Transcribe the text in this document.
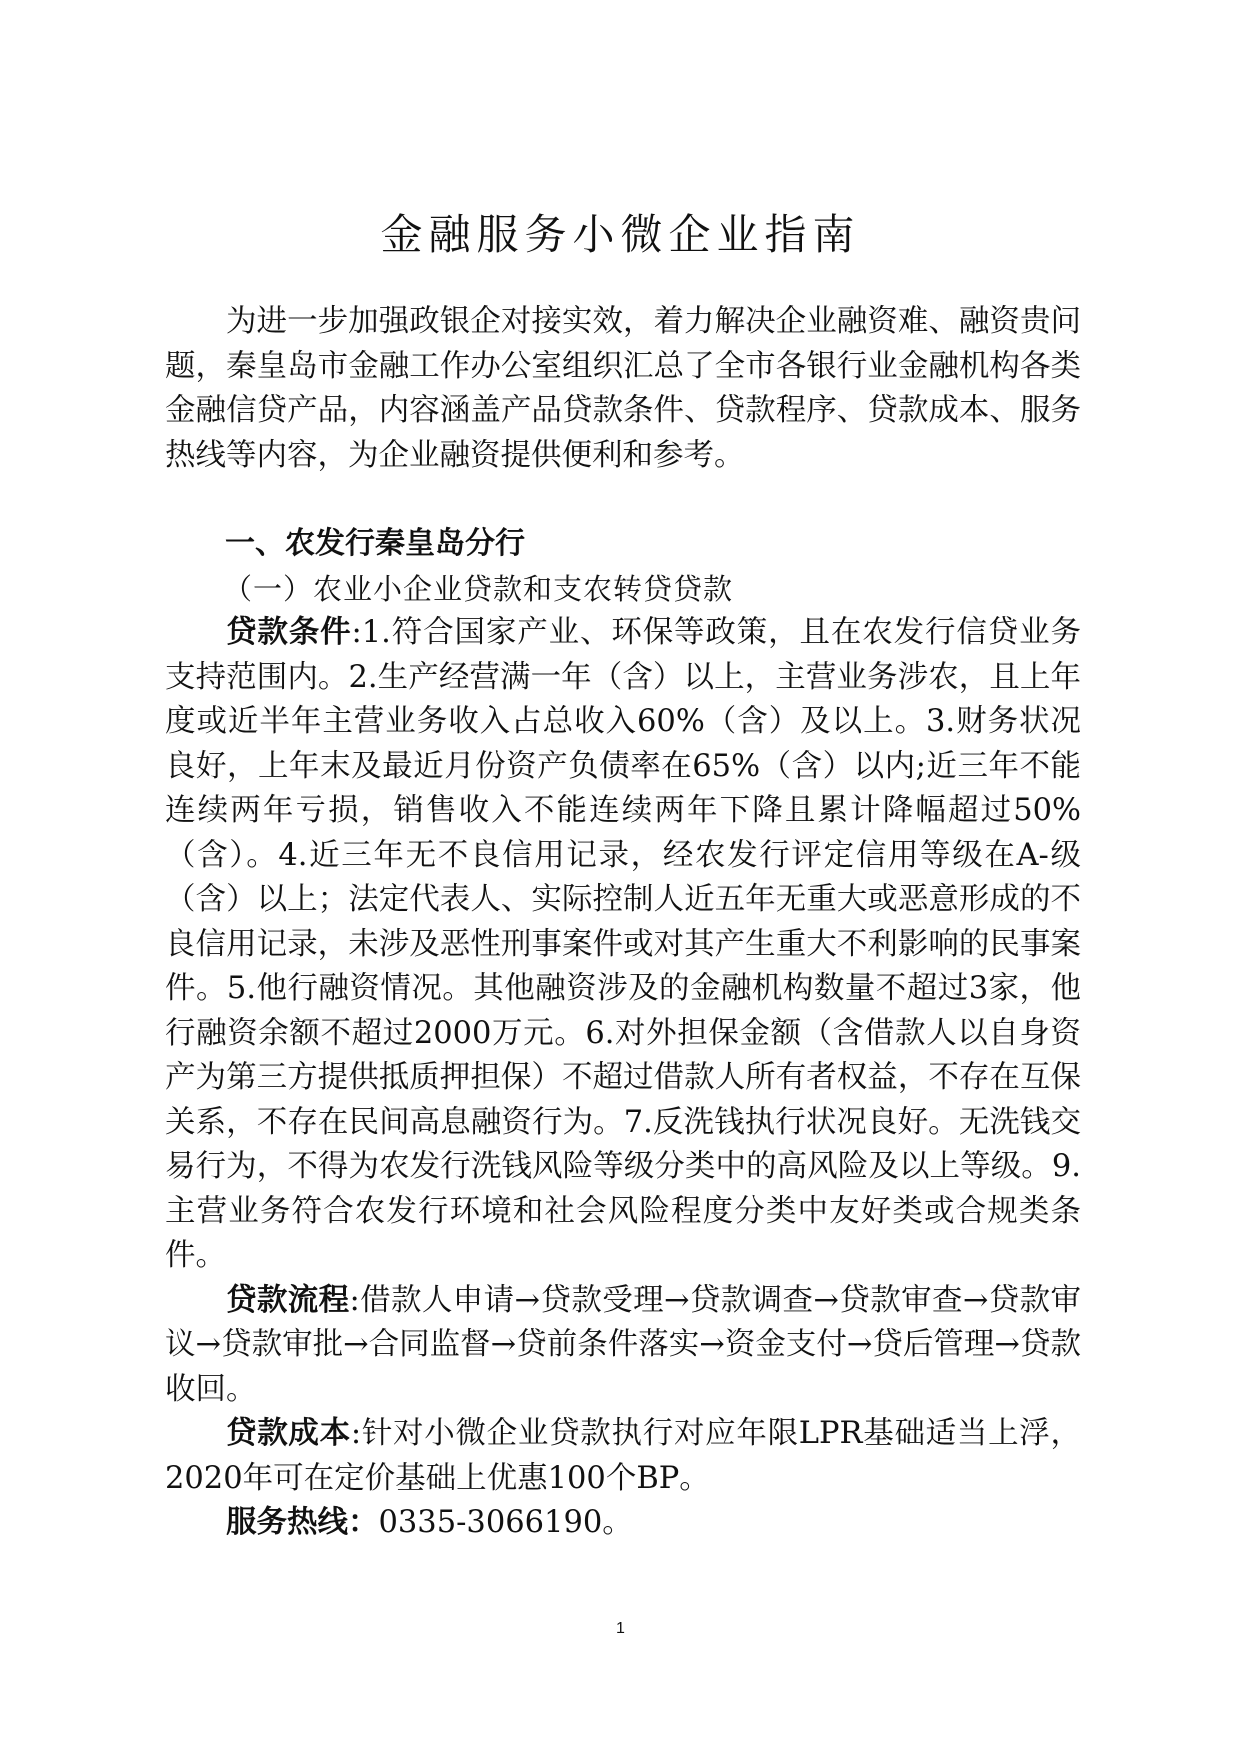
金融服务小微企业指南

为进一步加强政银企对接实效，着力解决企业融资难、融资贵问题，秦皇岛市金融工作办公室组织汇总了全市各银行业金融机构各类金融信贷产品，内容涵盖产品贷款条件、贷款程序、贷款成本、服务热线等内容，为企业融资提供便利和参考。

一、农发行秦皇岛分行

（一）农业小企业贷款和支农转贷贷款

贷款条件:1.符合国家产业、环保等政策，且在农发行信贷业务支持范围内。2.生产经营满一年（含）以上，主营业务涉农，且上年度或近半年主营业务收入占总收入60%（含）及以上。3.财务状况良好，上年末及最近月份资产负债率在65%（含）以内;近三年不能连续两年亏损，销售收入不能连续两年下降且累计降幅超过50%（含）。4.近三年无不良信用记录，经农发行评定信用等级在A-级（含）以上；法定代表人、实际控制人近五年无重大或恶意形成的不良信用记录，未涉及恶性刑事案件或对其产生重大不利影响的民事案件。5.他行融资情况。其他融资涉及的金融机构数量不超过3家，他行融资余额不超过2000万元。6.对外担保金额（含借款人以自身资产为第三方提供抵质押担保）不超过借款人所有者权益，不存在互保关系，不存在民间高息融资行为。7.反洗钱执行状况良好。无洗钱交易行为，不得为农发行洗钱风险等级分类中的高风险及以上等级。9.主营业务符合农发行环境和社会风险程度分类中友好类或合规类条件。

贷款流程:借款人申请→贷款受理→贷款调查→贷款审查→贷款审议→贷款审批→合同监督→贷前条件落实→资金支付→贷后管理→贷款收回。

贷款成本:针对小微企业贷款执行对应年限LPR基础适当上浮，2020年可在定价基础上优惠100个BP。

服务热线：0335-3066190。

1
